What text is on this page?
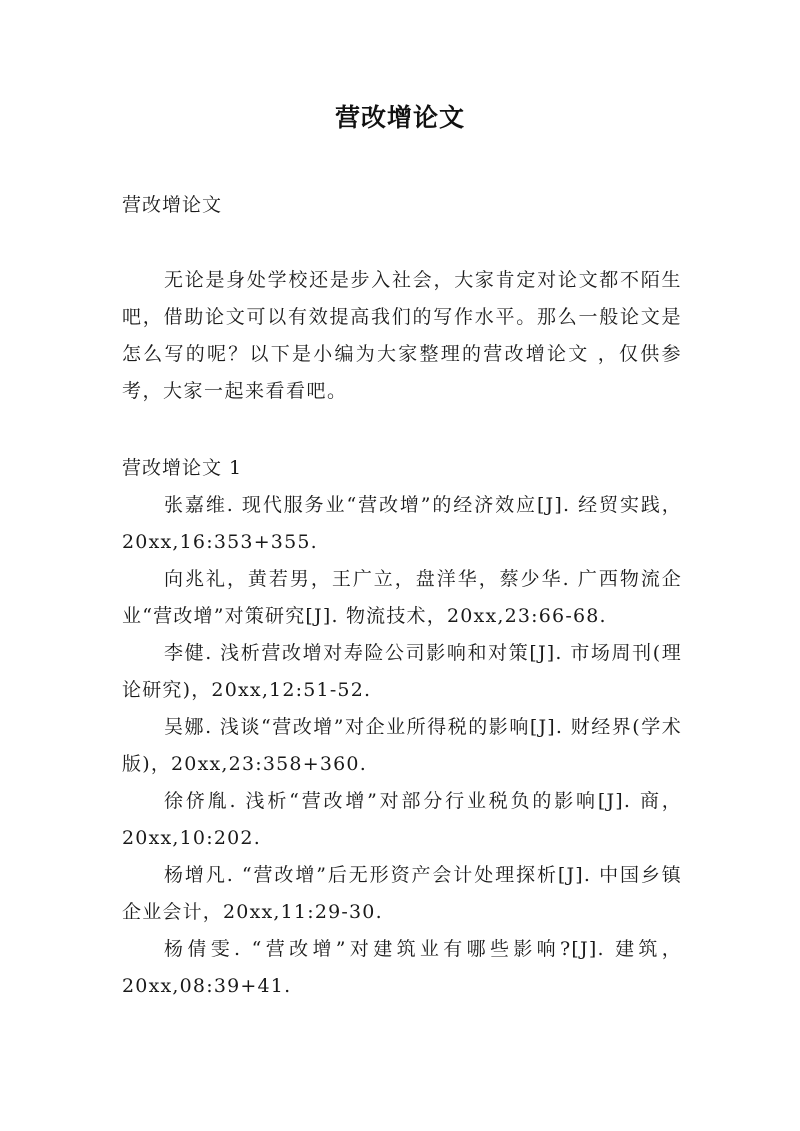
营改增论文
营改增论文

无论是身处学校还是步入社会，大家肯定对论文都不陌生吧，借助论文可以有效提高我们的写作水平。那么一般论文是怎么写的呢？以下是小编为大家整理的营改增论文 ，仅供参考，大家一起来看看吧。

营改增论文 1
张嘉维. 现代服务业“营改增”的经济效应[J]. 经贸实践，20xx,16:353+355.
向兆礼，黄若男，王广立，盘洋华，蔡少华. 广西物流企业“营改增”对策研究[J]. 物流技术，20xx,23:66-68.
李健. 浅析营改增对寿险公司影响和对策[J]. 市场周刊(理论研究)，20xx,12:51-52.
吴娜. 浅谈“营改增”对企业所得税的影响[J]. 财经界(学术版)，20xx,23:358+360.
徐侪胤. 浅析“营改增”对部分行业税负的影响[J]. 商，20xx,10:202.
杨增凡. “营改增”后无形资产会计处理探析[J]. 中国乡镇企业会计，20xx,11:29-30.
杨倩雯. “营改增”对建筑业有哪些影响?[J]. 建筑，20xx,08:39+41.
